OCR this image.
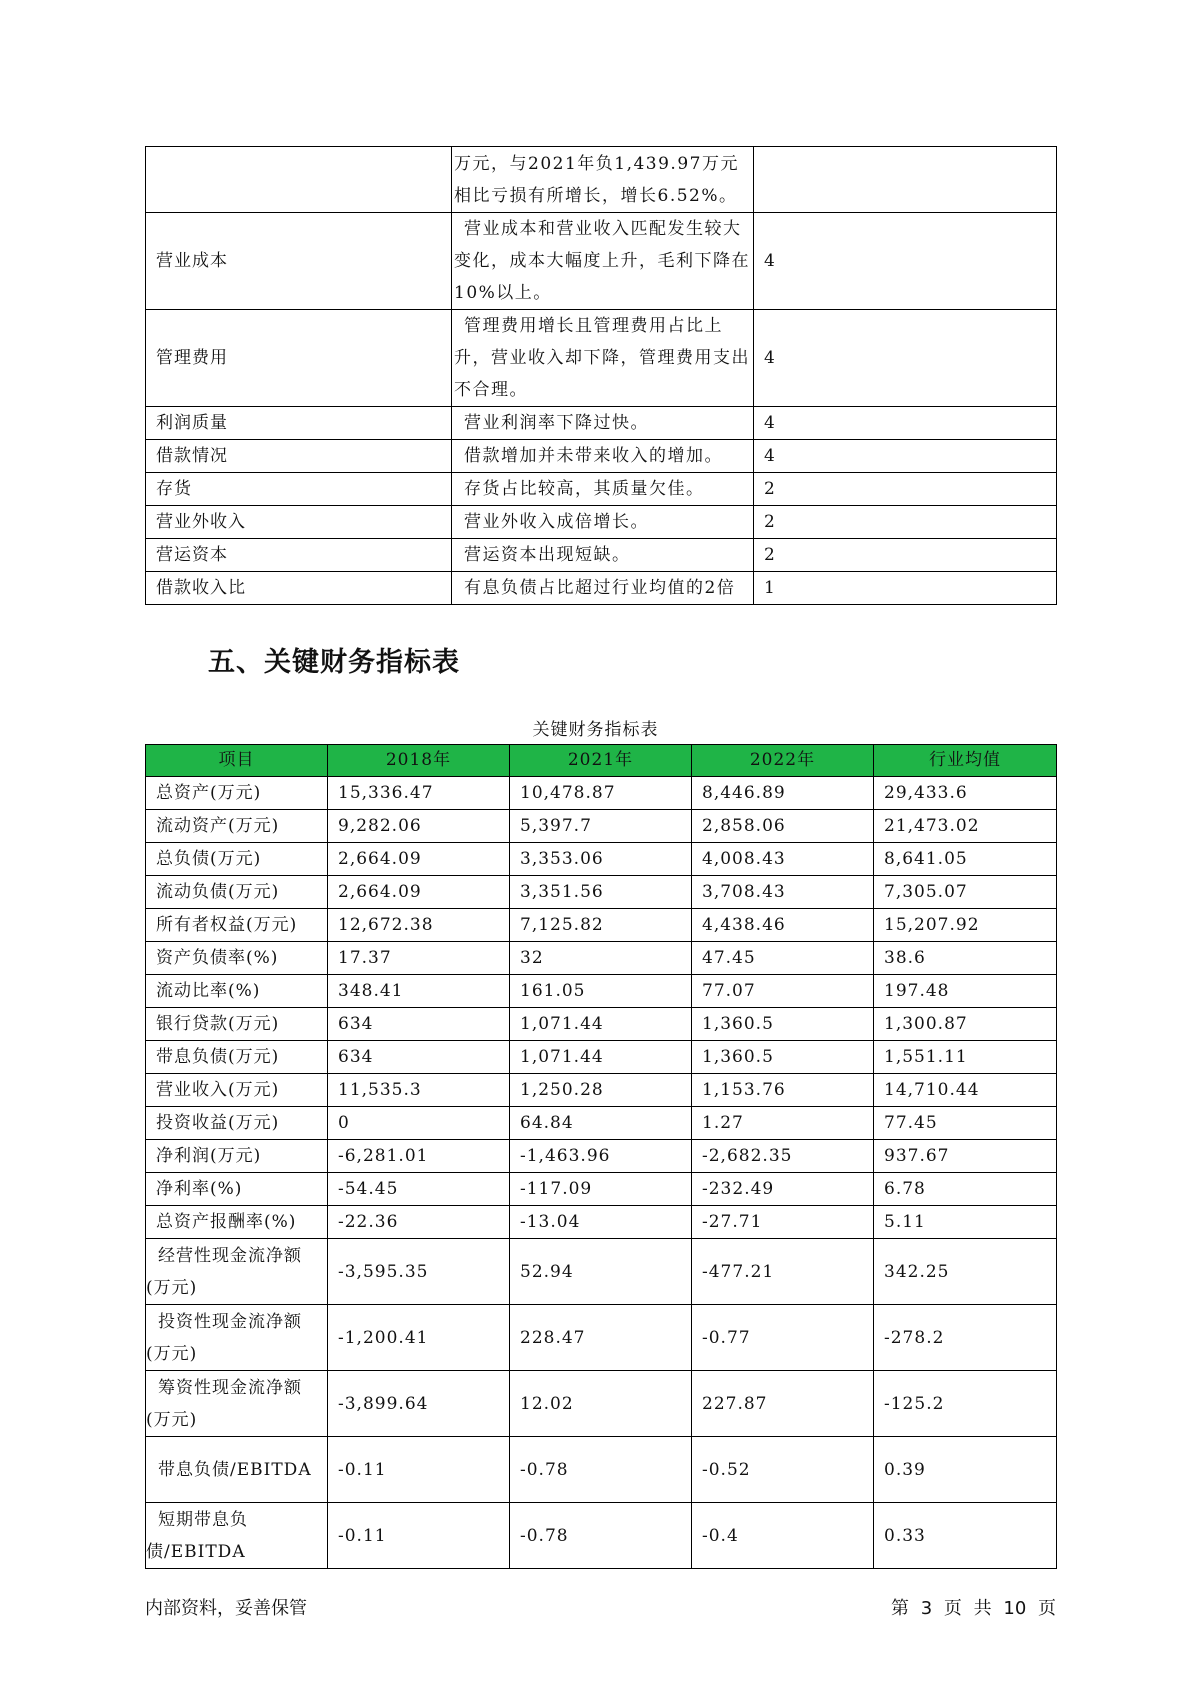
	万元，与2021年负1,439.97万元相比亏损有所增长，增长6.52%。	
营业成本	营业成本和营业收入匹配发生较大变化，成本大幅度上升，毛利下降在10%以上。	4
管理费用	管理费用增长且管理费用占比上升，营业收入却下降，管理费用支出不合理。	4
利润质量	营业利润率下降过快。	4
借款情况	借款增加并未带来收入的增加。	4
存货	存货占比较高，其质量欠佳。	2
营业外收入	营业外收入成倍增长。	2
营运资本	营运资本出现短缺。	2
借款收入比	有息负债占比超过行业均值的2倍	1
五、关键财务指标表
关键财务指标表
项目	2018年	2021年	2022年	行业均值
总资产(万元)	15,336.47	10,478.87	8,446.89	29,433.6
流动资产(万元)	9,282.06	5,397.7	2,858.06	21,473.02
总负债(万元)	2,664.09	3,353.06	4,008.43	8,641.05
流动负债(万元)	2,664.09	3,351.56	3,708.43	7,305.07
所有者权益(万元)	12,672.38	7,125.82	4,438.46	15,207.92
资产负债率(%)	17.37	32	47.45	38.6
流动比率(%)	348.41	161.05	77.07	197.48
银行贷款(万元)	634	1,071.44	1,360.5	1,300.87
带息负债(万元)	634	1,071.44	1,360.5	1,551.11
营业收入(万元)	11,535.3	1,250.28	1,153.76	14,710.44
投资收益(万元)	0	64.84	1.27	77.45
净利润(万元)	-6,281.01	-1,463.96	-2,682.35	937.67
净利率(%)	-54.45	-117.09	-232.49	6.78
总资产报酬率(%)	-22.36	-13.04	-27.71	5.11
经营性现金流净额(万元)	-3,595.35	52.94	-477.21	342.25
投资性现金流净额(万元)	-1,200.41	228.47	-0.77	-278.2
筹资性现金流净额(万元)	-3,899.64	12.02	227.87	-125.2
带息负债/EBITDA	-0.11	-0.78	-0.52	0.39
短期带息负债/EBITDA	-0.11	-0.78	-0.4	0.33
内部资料，妥善保管	第 3 页 共 10 页
